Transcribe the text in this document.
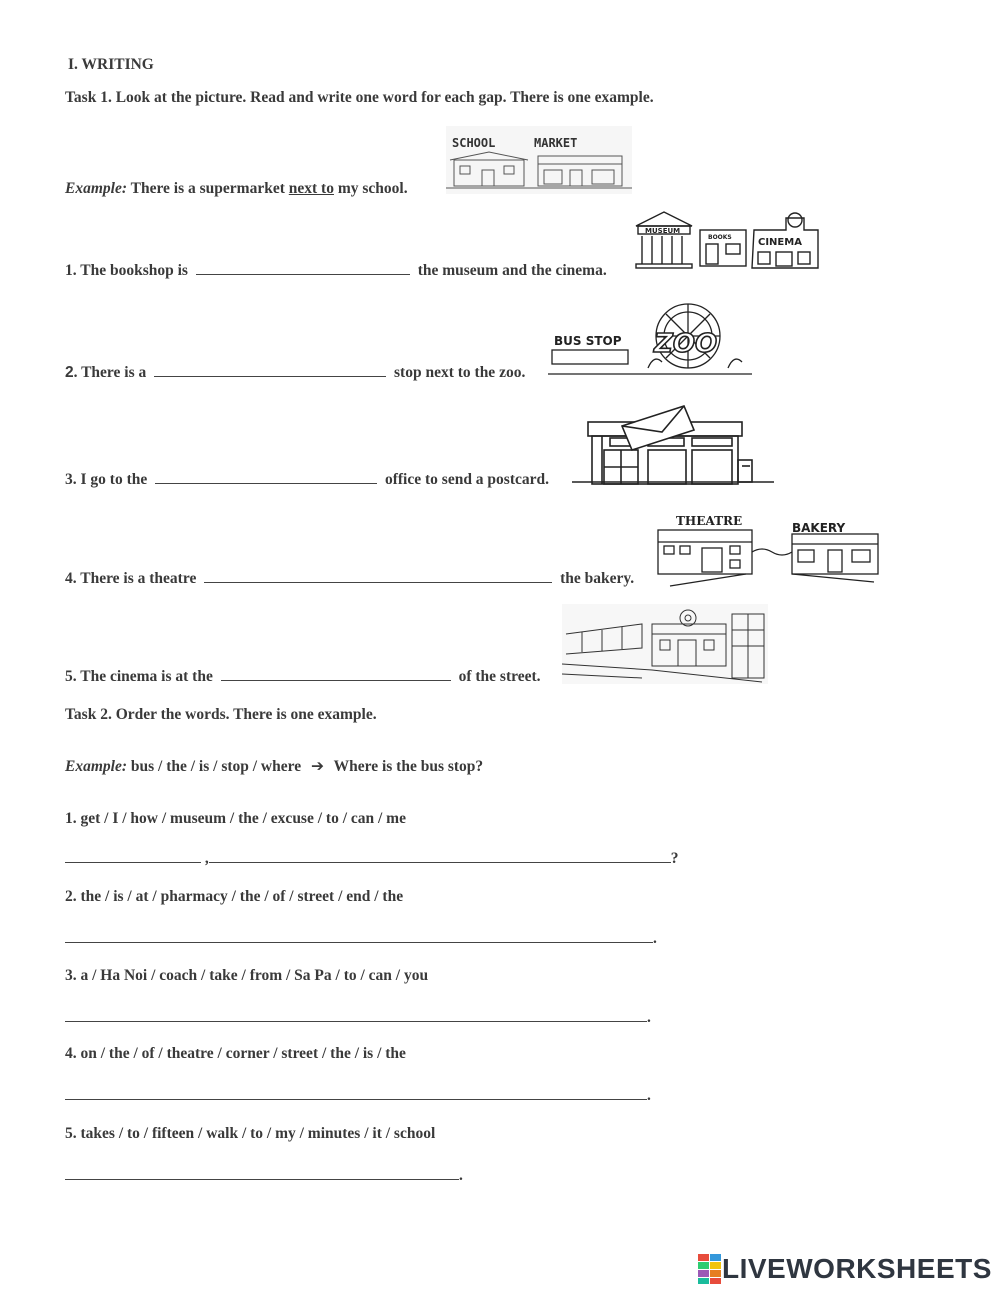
I. WRITING
Task 1. Look at the picture. Read and write one word for each gap. There is one example.
Example: There is a supermarket next to my school.
SCHOOL	MARKET
1. The bookshop is	the museum and the cinema.
MUSEUM
BOOKS	CINEMA
2. There is a	stop next to the zoo.
BUS STOP ZOO
3. I go to the	office to send a postcard.
4. There is a theatre	the bakery.
THEATRE	BAKERY
5. The cinema is at the	of the street.
Task 2. Order the words. There is one example.
Example: bus / the / is / stop / where ➔ Where is the bus stop?
1. get / I / how / museum / the / excuse / to / can / me
,	?
2. the / is / at / pharmacy / the / of / street / end / the
.
3. a / Ha Noi / coach / take / from / Sa Pa / to / can / you
.
4. on / the / of / theatre / corner / street / the / is / the
.
5. takes / to / fifteen / walk / to / my / minutes / it / school
.
LIVEWORKSHEETS
